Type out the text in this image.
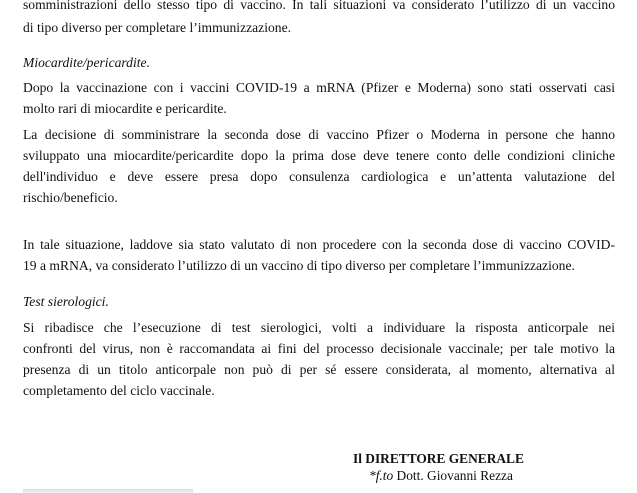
somministrazioni dello stesso tipo di vaccino. In tali situazioni va considerato l’utilizzo di un vaccino
di tipo diverso per completare l’immunizzazione.
Miocardite/pericardite.
Dopo la vaccinazione con i vaccini COVID-19 a mRNA (Pfizer e Moderna) sono stati osservati casi
molto rari di miocardite e pericardite.
La decisione di somministrare la seconda dose di vaccino Pfizer o Moderna in persone che hanno
sviluppato una miocardite/pericardite dopo la prima dose deve tenere conto delle condizioni cliniche
dell'individuo e deve essere presa dopo consulenza cardiologica e un’attenta valutazione del
rischio/beneficio.
In tale situazione, laddove sia stato valutato di non procedere con la seconda dose di vaccino COVID-
19 a mRNA, va considerato l’utilizzo di un vaccino di tipo diverso per completare l’immunizzazione.
Test sierologici.
Si ribadisce che l’esecuzione di test sierologici, volti a individuare la risposta anticorpale nei
confronti del virus, non è raccomandata ai fini del processo decisionale vaccinale; per tale motivo la
presenza di un titolo anticorpale non può di per sé essere considerata, al momento, alternativa al
completamento del ciclo vaccinale.
Il DIRETTORE GENERALE
*f.to Dott. Giovanni Rezza
